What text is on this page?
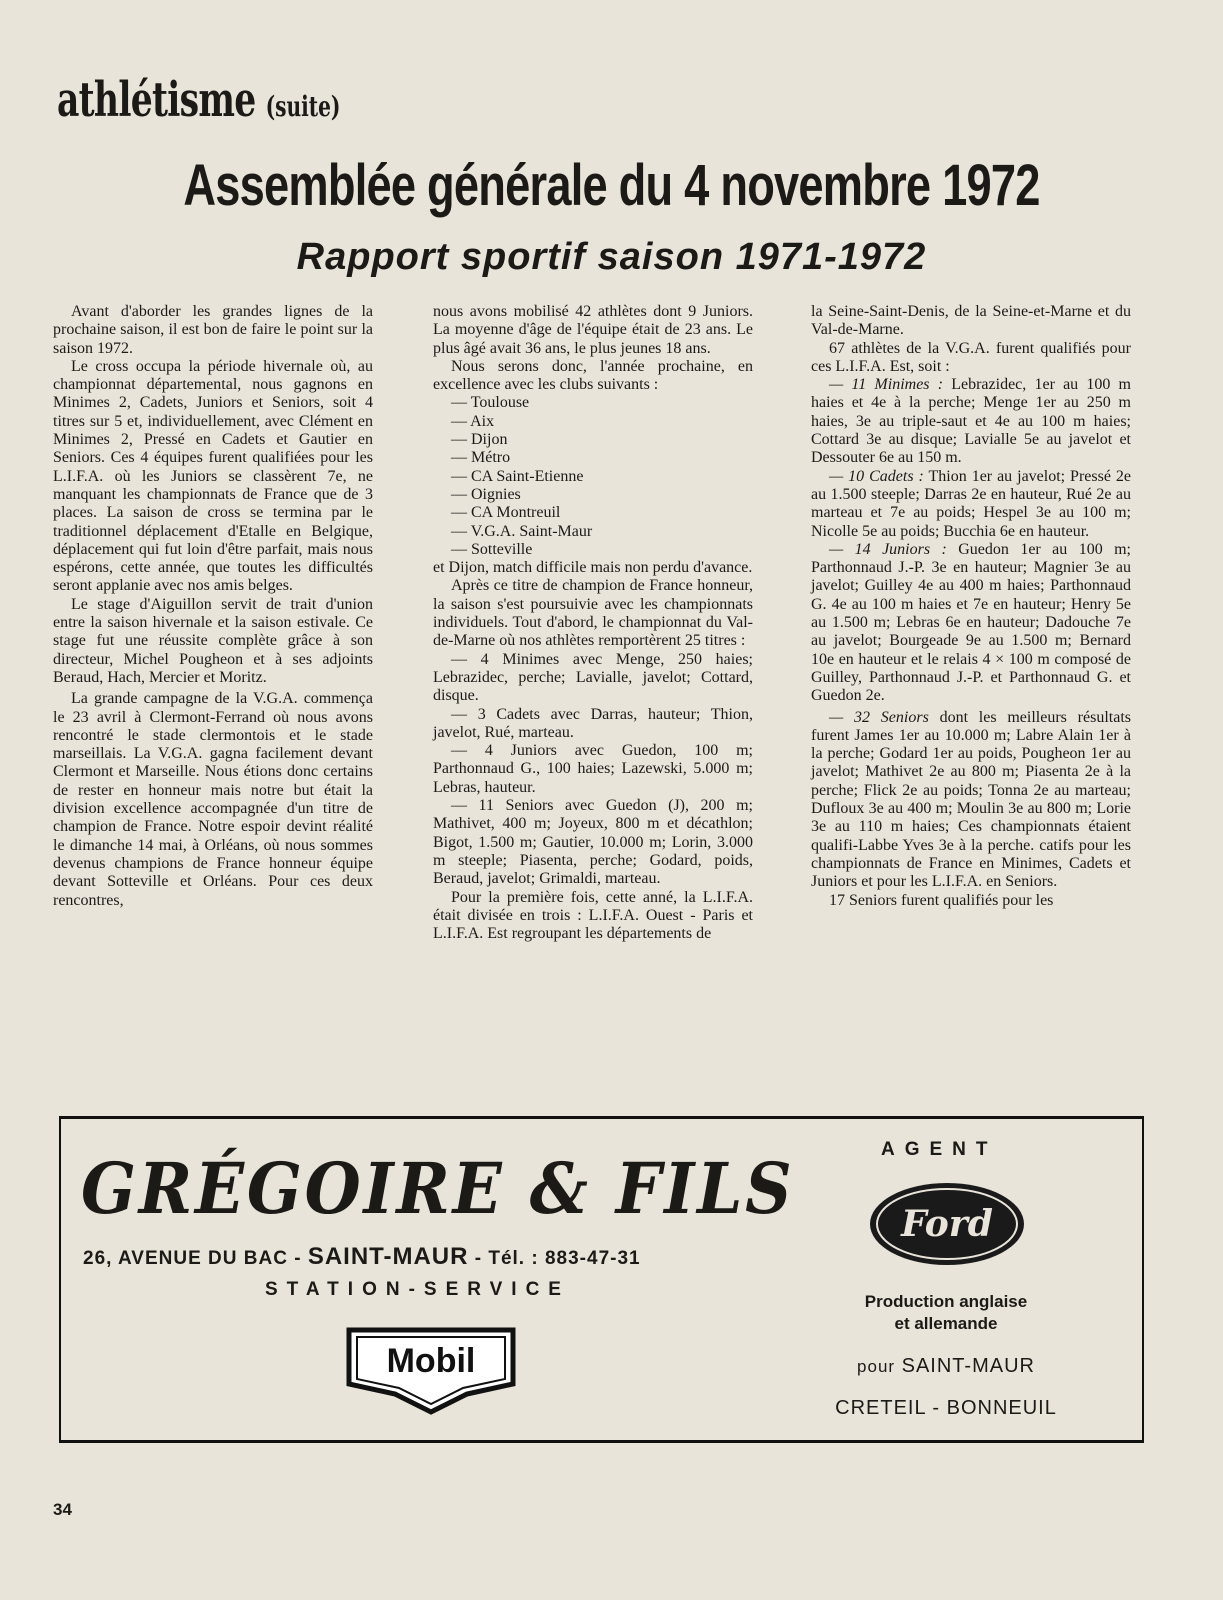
athlétisme (suite)
Assemblée générale du 4 novembre 1972
Rapport sportif saison 1971-1972

Avant d'aborder les grandes lignes de la prochaine saison, il est bon de faire le point sur la saison 1972.

Le cross occupa la période hivernale où, au championnat départemental, nous gagnons en Minimes 2, Cadets, Juniors et Seniors, soit 4 titres sur 5 et, individuellement, avec Clément en Minimes 2, Pressé en Cadets et Gautier en Seniors. Ces 4 équipes furent qualifiées pour les L.I.F.A. où les Juniors se classèrent 7e, ne manquant les championnats de France que de 3 places. La saison de cross se termina par le traditionnel déplacement d'Etalle en Belgique, déplacement qui fut loin d'être parfait, mais nous espérons, cette année, que toutes les difficultés seront applanie avec nos amis belges.

Le stage d'Aiguillon servit de trait d'union entre la saison hivernale et la saison estivale. Ce stage fut une réussite complète grâce à son directeur, Michel Pougheon et à ses adjoints Beraud, Hach, Mercier et Moritz.

La grande campagne de la V.G.A. commença le 23 avril à Clermont-Ferrand où nous avons rencontré le stade clermontois et le stade marseillais. La V.G.A. gagna facilement devant Clermont et Marseille. Nous étions donc certains de rester en honneur mais notre but était la division excellence accompagnée d'un titre de champion de France. Notre espoir devint réalité le dimanche 14 mai, à Orléans, où nous sommes devenus champions de France honneur équipe devant Sotteville et Orléans. Pour ces deux rencontres,

nous avons mobilisé 42 athlètes dont 9 Juniors. La moyenne d'âge de l'équipe était de 23 ans. Le plus âgé avait 36 ans, le plus jeunes 18 ans.

Nous serons donc, l'année prochaine, en excellence avec les clubs suivants :

— Toulouse

— Aix

— Dijon

— Métro

— CA Saint-Etienne

— Oignies

— CA Montreuil

— V.G.A. Saint-Maur

— Sotteville

et Dijon, match difficile mais non perdu d'avance.

Après ce titre de champion de France honneur, la saison s'est poursuivie avec les championnats individuels. Tout d'abord, le championnat du Val-de-Marne où nos athlètes remportèrent 25 titres :

— 4 Minimes avec Menge, 250 haies; Lebrazidec, perche; Lavialle, javelot; Cottard, disque.

— 3 Cadets avec Darras, hauteur; Thion, javelot, Rué, marteau.

— 4 Juniors avec Guedon, 100 m; Parthonnaud G., 100 haies; Lazewski, 5.000 m; Lebras, hauteur.

— 11 Seniors avec Guedon (J), 200 m; Mathivet, 400 m; Joyeux, 800 m et décathlon; Bigot, 1.500 m; Gautier, 10.000 m; Lorin, 3.000 m steeple; Piasenta, perche; Godard, poids, Beraud, javelot; Grimaldi, marteau.

Pour la première fois, cette anné, la L.I.F.A. était divisée en trois : L.I.F.A. Ouest - Paris et L.I.F.A. Est regroupant les départements de

la Seine-Saint-Denis, de la Seine-et-Marne et du Val-de-Marne.

67 athlètes de la V.G.A. furent qualifiés pour ces L.I.F.A. Est, soit :

— 11 Minimes : Lebrazidec, 1er au 100 m haies et 4e à la perche; Menge 1er au 250 m haies, 3e au triple-saut et 4e au 100 m haies; Cottard 3e au disque; Lavialle 5e au javelot et Dessouter 6e au 150 m.

— 10 Cadets : Thion 1er au javelot; Pressé 2e au 1.500 steeple; Darras 2e en hauteur, Rué 2e au marteau et 7e au poids; Hespel 3e au 100 m; Nicolle 5e au poids; Bucchia 6e en hauteur.

— 14 Juniors : Guedon 1er au 100 m; Parthonnaud J.-P. 3e en hauteur; Magnier 3e au javelot; Guilley 4e au 400 m haies; Parthonnaud G. 4e au 100 m haies et 7e en hauteur; Henry 5e au 1.500 m; Lebras 6e en hauteur; Dadouche 7e au javelot; Bourgeade 9e au 1.500 m; Bernard 10e en hauteur et le relais 4 × 100 m composé de Guilley, Parthonnaud J.-P. et Parthonnaud G. et Guedon 2e.

— 32 Seniors dont les meilleurs résultats furent James 1er au 10.000 m; Labre Alain 1er à la perche; Godard 1er au poids, Pougheon 1er au javelot; Mathivet 2e au 800 m; Piasenta 2e à la perche; Flick 2e au poids; Tonna 2e au marteau; Dufloux 3e au 400 m; Moulin 3e au 800 m; Lorie 3e au 110 m haies; Ces championnats étaient qualifi-Labbe Yves 3e à la perche. catifs pour les championnats de France en Minimes, Cadets et Juniors et pour les L.I.F.A. en Seniors.

17 Seniors furent qualifiés pour les

GRÉGOIRE & FILS
26, AVENUE DU BAC - SAINT-MAUR - Tél. : 883-47-31
STATION-SERVICE
Mobil
AGENT
Ford
Production anglaise
et allemande
pour SAINT-MAUR
CRETEIL - BONNEUIL
34
